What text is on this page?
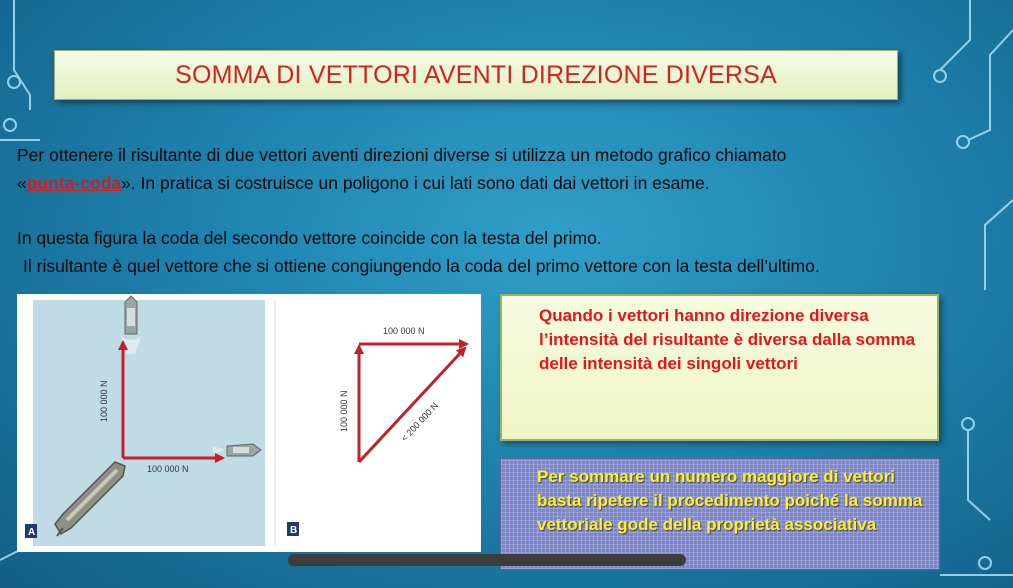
SOMMA DI VETTORI AVENTI DIREZIONE DIVERSA
Per ottenere il risultante di due vettori aventi direzioni diverse si utilizza un metodo grafico chiamato
«punta-coda». In pratica si costruisce un poligono i cui lati sono dati dai vettori in esame.
In questa figura la coda del secondo vettore coincide con la testa del primo.
Il risultante è quel vettore che si ottiene congiungendo la coda del primo vettore con la testa dell’ultimo.
100 000 N
100 000 N
A
100 000 N
100 000 N	< 200 000 N
B
Quando i vettori hanno direzione diversa l’intensità del risultante è diversa dalla somma delle intensità dei singoli vettori
Per sommare un numero maggiore di vettori basta ripetere il procedimento poiché la somma vettoriale gode della proprietà associativa
